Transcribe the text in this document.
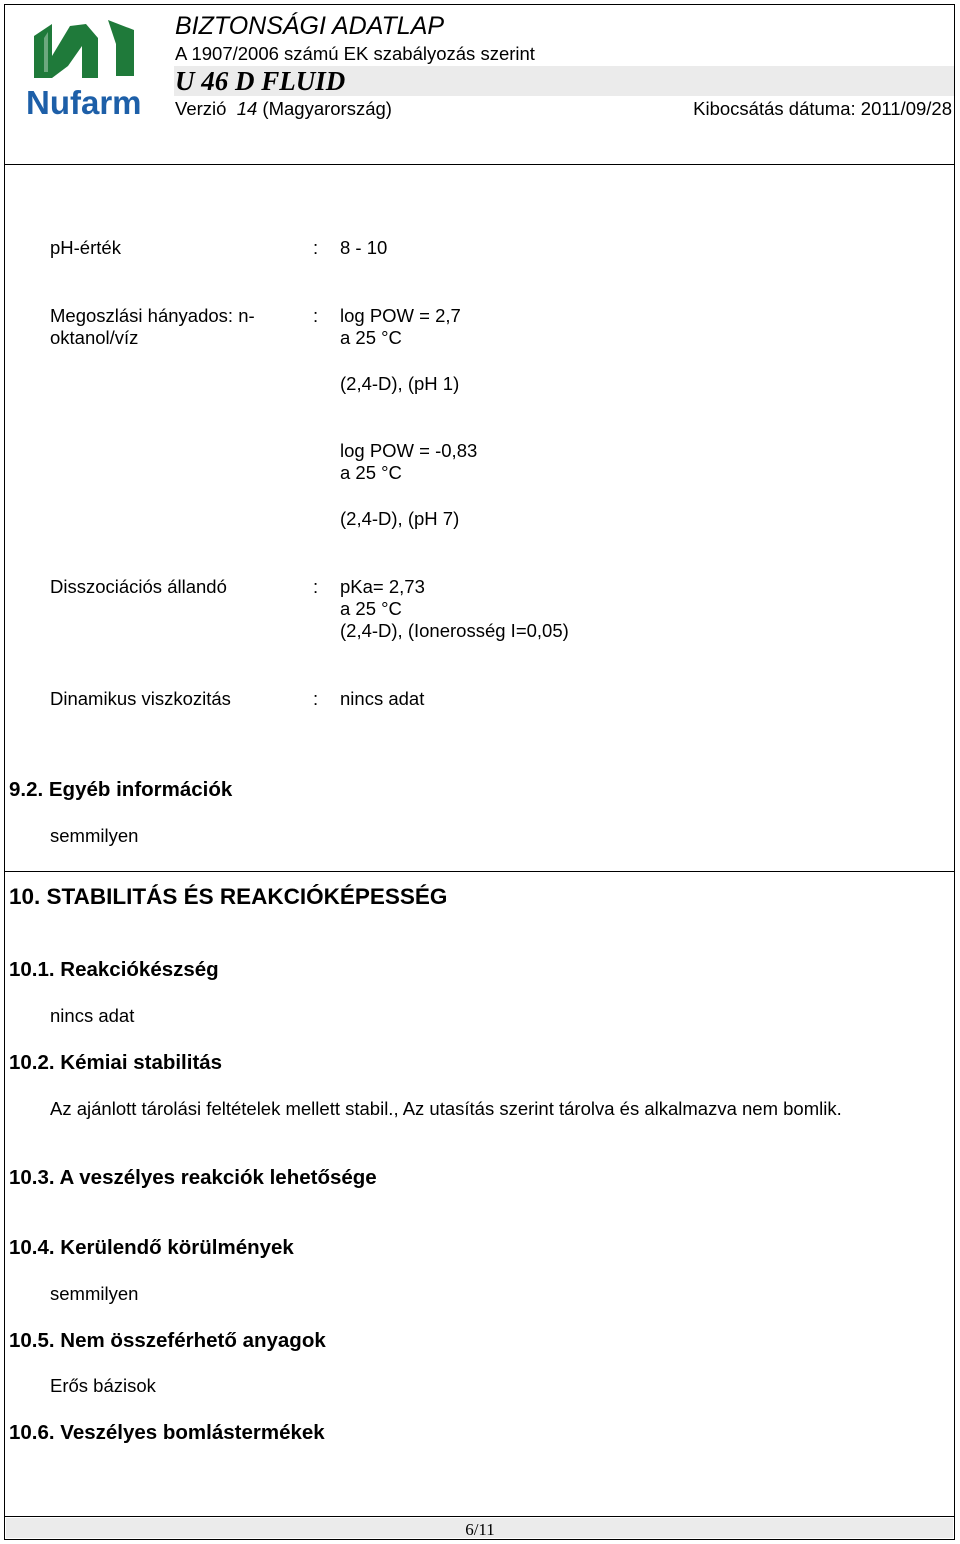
Nufarm
BIZTONSÁGI ADATLAP
A 1907/2006 számú EK szabályozás szerint
U 46 D FLUID
Verzió 14 (Magyarország)	Kibocsátás dátuma: 2011/09/28
pH-érték	: 8 - 10
Megoszlási hányados: n-
oktanol/víz
: log POW = 2,7
a 25 °C
(2,4-D), (pH 1)
log POW = -0,83
a 25 °C
(2,4-D), (pH 7)
Disszociációs állandó	: pKa= 2,73
a 25 °C
(2,4-D), (Ionerosség I=0,05)
Dinamikus viszkozitás	: nincs adat
9.2. Egyéb információk
semmilyen
10. STABILITÁS ÉS REAKCIÓKÉPESSÉG
10.1. Reakciókészség
nincs adat
10.2. Kémiai stabilitás
Az ajánlott tárolási feltételek mellett stabil., Az utasítás szerint tárolva és alkalmazva nem bomlik.
10.3. A veszélyes reakciók lehetősége
10.4. Kerülendő körülmények
semmilyen
10.5. Nem összeférhető anyagok
Erős bázisok
10.6. Veszélyes bomlástermékek
6/11
